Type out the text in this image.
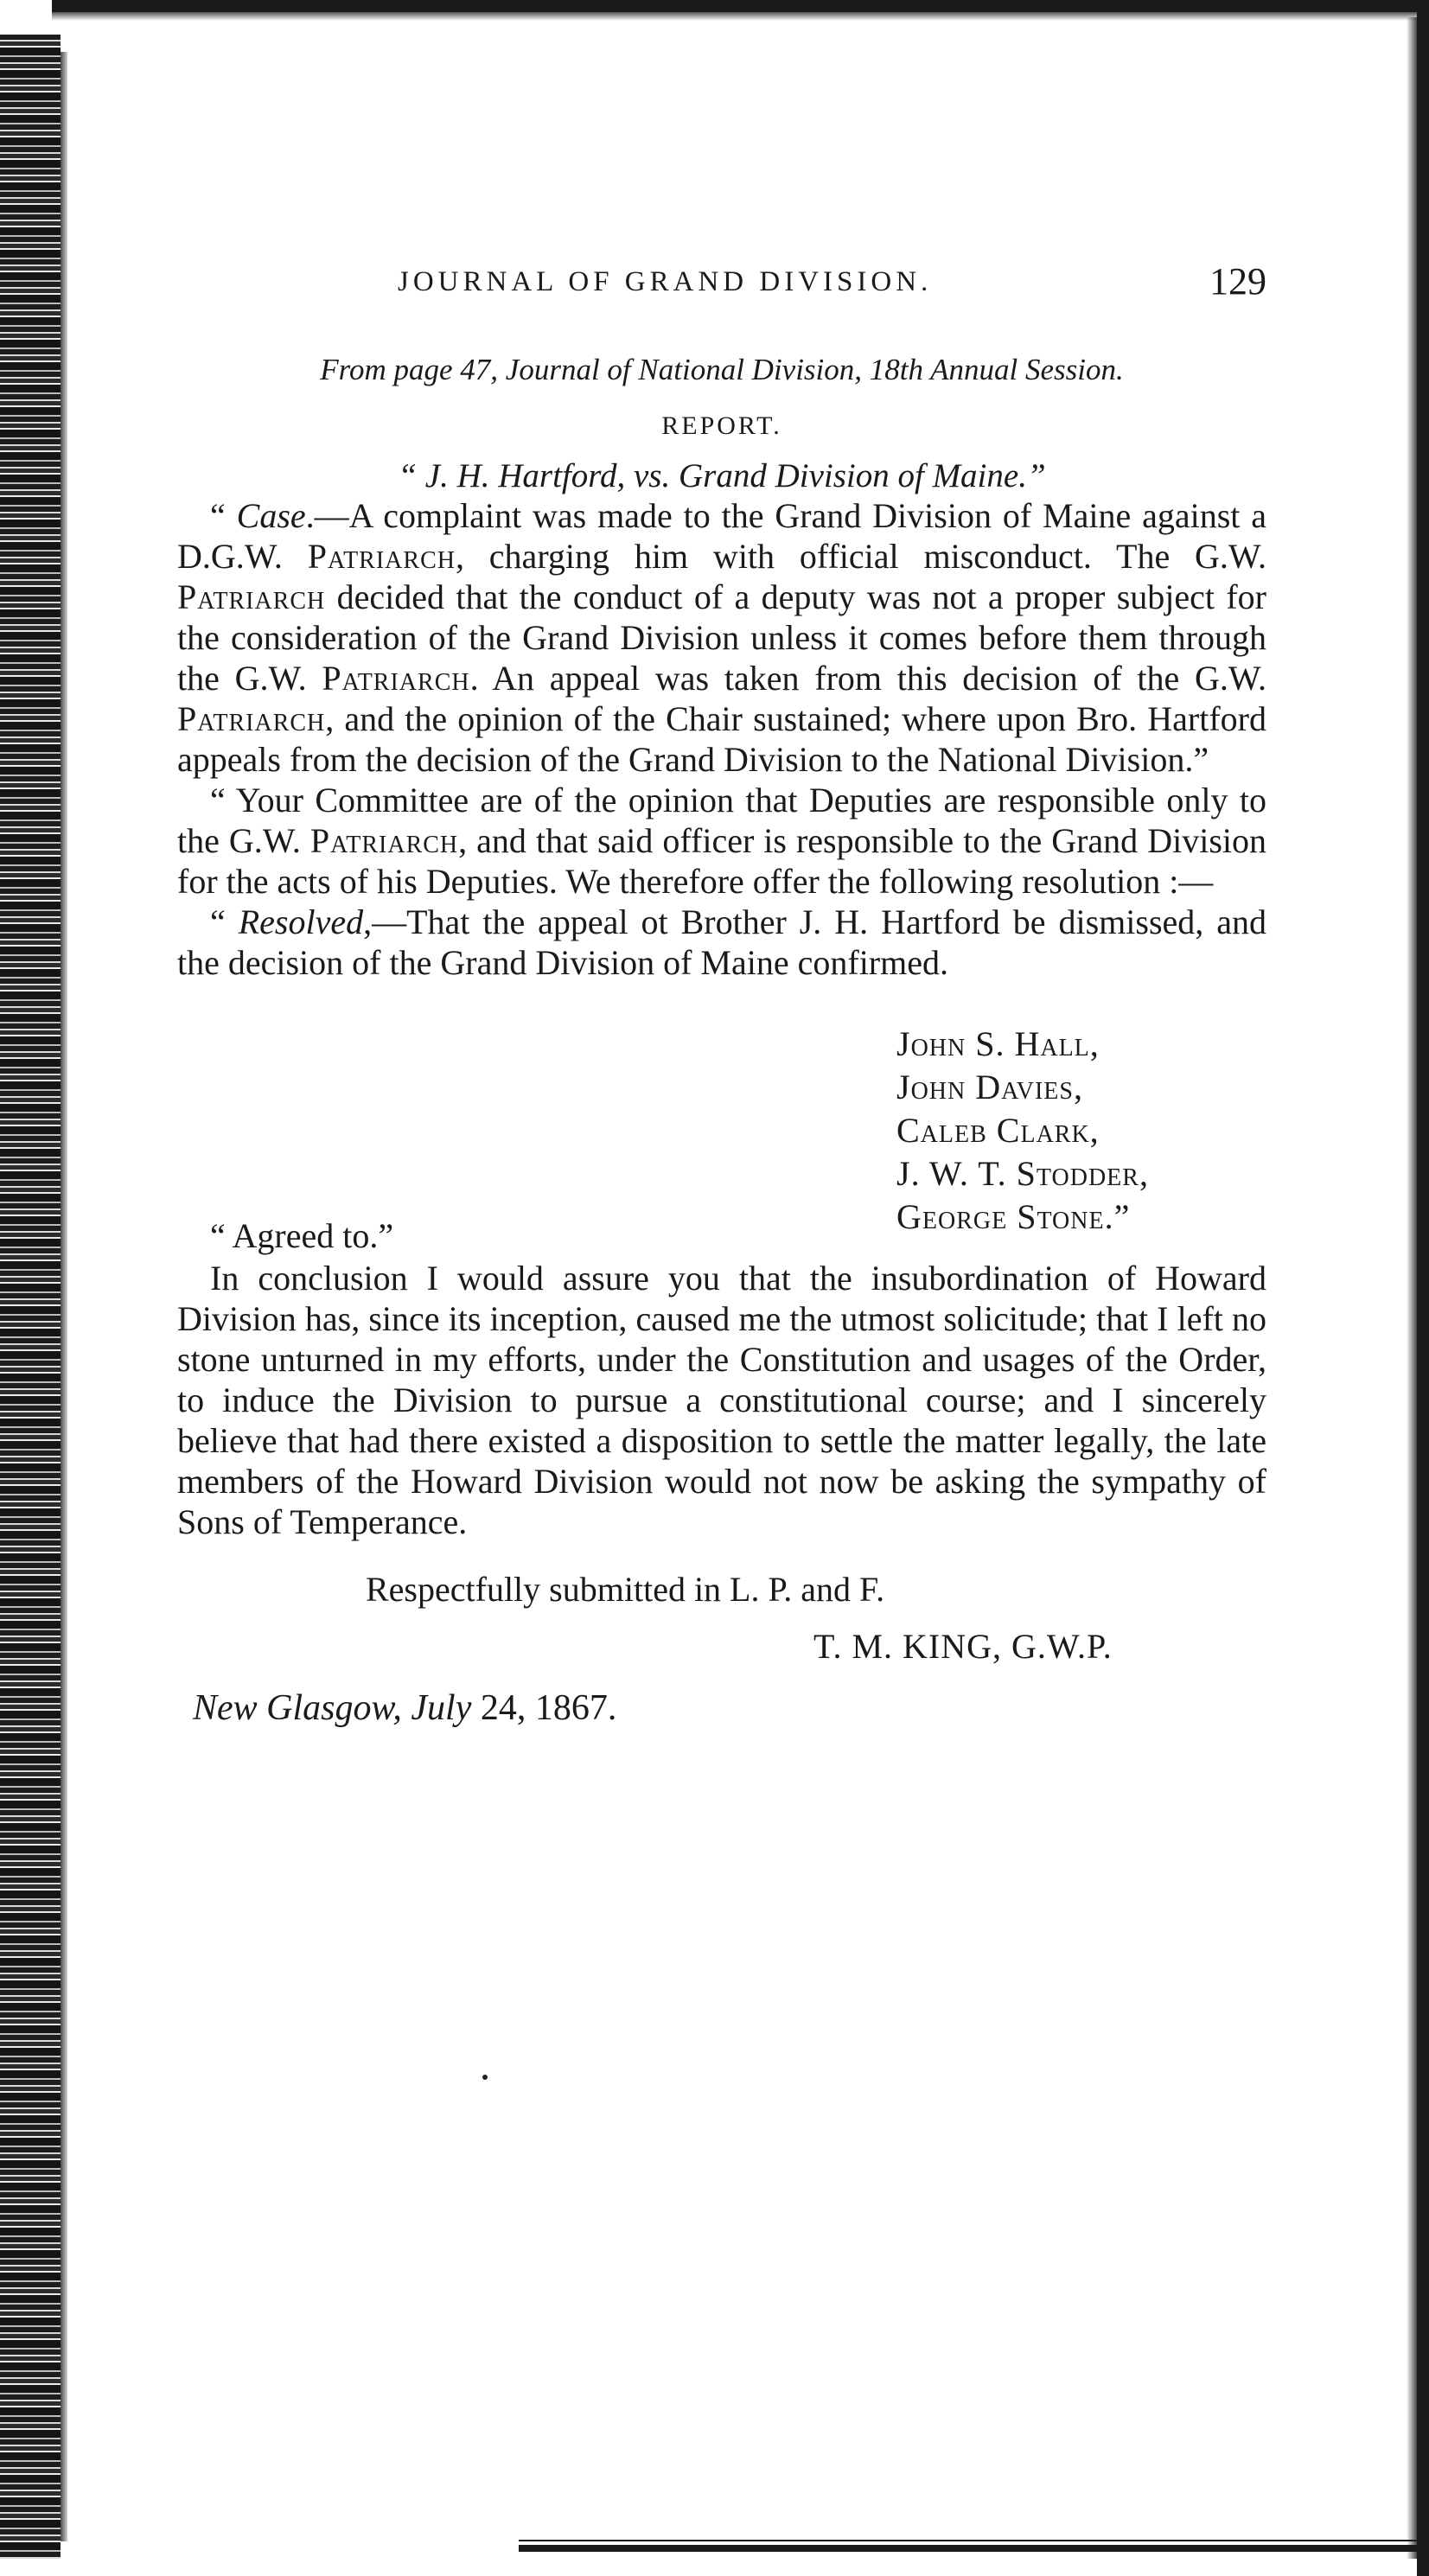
JOURNAL OF GRAND DIVISION.	129
From page 47, Journal of National Division, 18th Annual Session.
REPORT.
“ J. H. Hartford, vs. Grand Division of Maine.”

“ Case.—A complaint was made to the Grand Division of Maine against a D.G.W. Patriarch, charging him with official misconduct. The G.W. Patriarch decided that the conduct of a deputy was not a proper subject for the consideration of the Grand Division unless it comes before them through the G.W. Patriarch. An appeal was taken from this decision of the G.W. Patriarch, and the opinion of the Chair sustained; where upon Bro. Hartford appeals from the decision of the Grand Division to the National Division.”

“ Your Committee are of the opinion that Deputies are responsible only to the G.W. Patriarch, and that said officer is responsible to the Grand Division for the acts of his Deputies. We therefore offer the following resolution :—

“ Resolved,—That the appeal ot Brother J. H. Hartford be dismissed, and the decision of the Grand Division of Maine confirmed.

John S. Hall,
John Davies,
Caleb Clark,
J. W. T. Stodder,
George Stone.”
“ Agreed to.”

In conclusion I would assure you that the insubordination of Howard Division has, since its inception, caused me the utmost solicitude; that I left no stone unturned in my efforts, under the Constitution and usages of the Order, to induce the Division to pursue a constitutional course; and I sincerely believe that had there existed a disposition to settle the matter legally, the late members of the Howard Division would not now be asking the sympathy of Sons of Temperance.

Respectfully submitted in L. P. and F.
T. M. KING, G.W.P.
New Glasgow, July 24, 1867.
